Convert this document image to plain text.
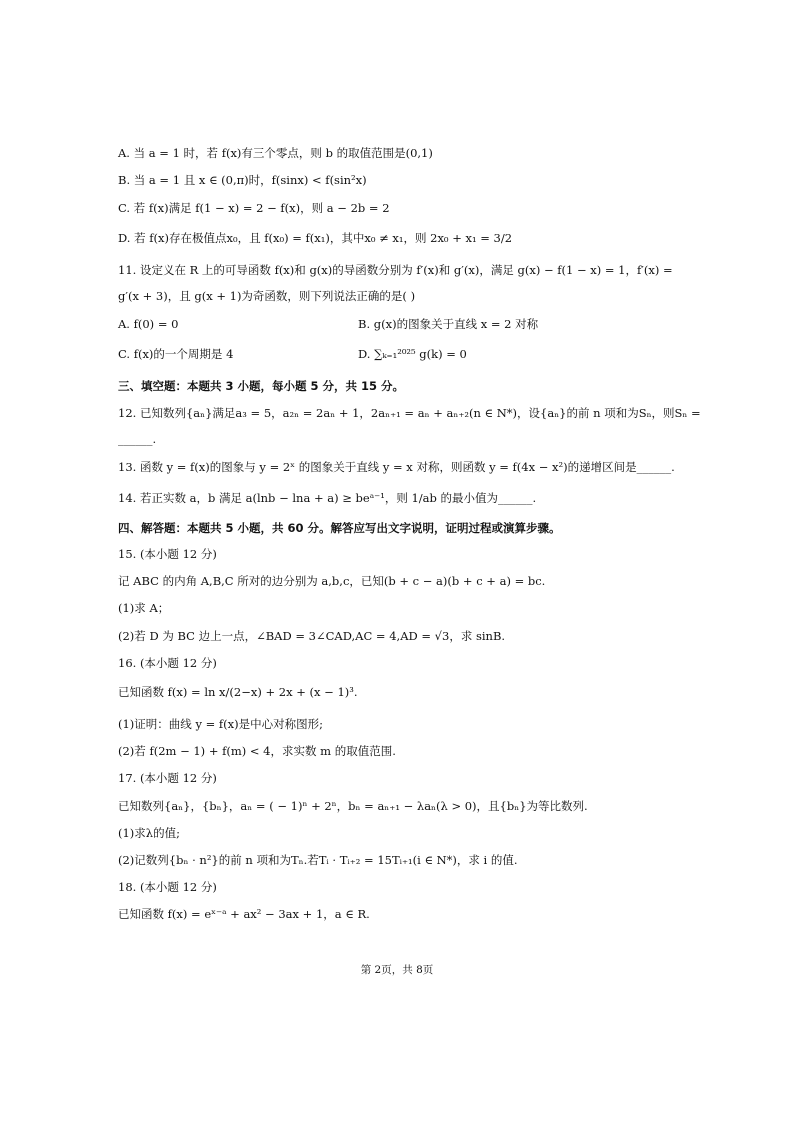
A. 当 a = 1 时，若 f(x)有三个零点，则 b 的取值范围是(0,1)
B. 当 a = 1 且 x ∈ (0,π)时，f(sinx) < f(sin²x)
C. 若 f(x)满足 f(1 − x) = 2 − f(x)，则 a − 2b = 2
D. 若 f(x)存在极值点x₀，且 f(x₀) = f(x₁)，其中x₀ ≠ x₁，则 2x₀ + x₁ = 3/2
11. 设定义在 R 上的可导函数 f(x)和 g(x)的导函数分别为 f′(x)和 g′(x)，满足 g(x) − f(1 − x) = 1，f′(x) =
g′(x + 3)，且 g(x + 1)为奇函数，则下列说法正确的是( )
A. f(0) = 0	B. g(x)的图象关于直线 x = 2 对称
C. f(x)的一个周期是 4	D. ∑ₖ₌₁²⁰²⁵ g(k) = 0
三、填空题：本题共 3 小题，每小题 5 分，共 15 分。
12. 已知数列{aₙ}满足a₃ = 5，a₂ₙ = 2aₙ + 1，2aₙ₊₁ = aₙ + aₙ₊₂(n ∈ N*)，设{aₙ}的前 n 项和为Sₙ，则Sₙ =
______.
13. 函数 y = f(x)的图象与 y = 2ˣ 的图象关于直线 y = x 对称，则函数 y = f(4x − x²)的递增区间是______.
14. 若正实数 a，b 满足 a(lnb − lna + a) ≥ beᵃ⁻¹，则 1/ab 的最小值为______.
四、解答题：本题共 5 小题，共 60 分。解答应写出文字说明，证明过程或演算步骤。
15. (本小题 12 分)
记 ABC 的内角 A,B,C 所对的边分别为 a,b,c，已知(b + c − a)(b + c + a) = bc.
(1)求 A；
(2)若 D 为 BC 边上一点，∠BAD = 3∠CAD,AC = 4,AD = √3，求 sinB.
16. (本小题 12 分)
已知函数 f(x) = ln x/(2−x) + 2x + (x − 1)³.
(1)证明：曲线 y = f(x)是中心对称图形;
(2)若 f(2m − 1) + f(m) < 4，求实数 m 的取值范围.
17. (本小题 12 分)
已知数列{aₙ}，{bₙ}，aₙ = ( − 1)ⁿ + 2ⁿ，bₙ = aₙ₊₁ − λaₙ(λ > 0)，且{bₙ}为等比数列.
(1)求λ的值;
(2)记数列{bₙ · n²}的前 n 项和为Tₙ.若Tᵢ · Tᵢ₊₂ = 15Tᵢ₊₁(i ∈ N*)，求 i 的值.
18. (本小题 12 分)
已知函数 f(x) = eˣ⁻ᵃ + ax² − 3ax + 1，a ∈ R.
第 2页，共 8页
